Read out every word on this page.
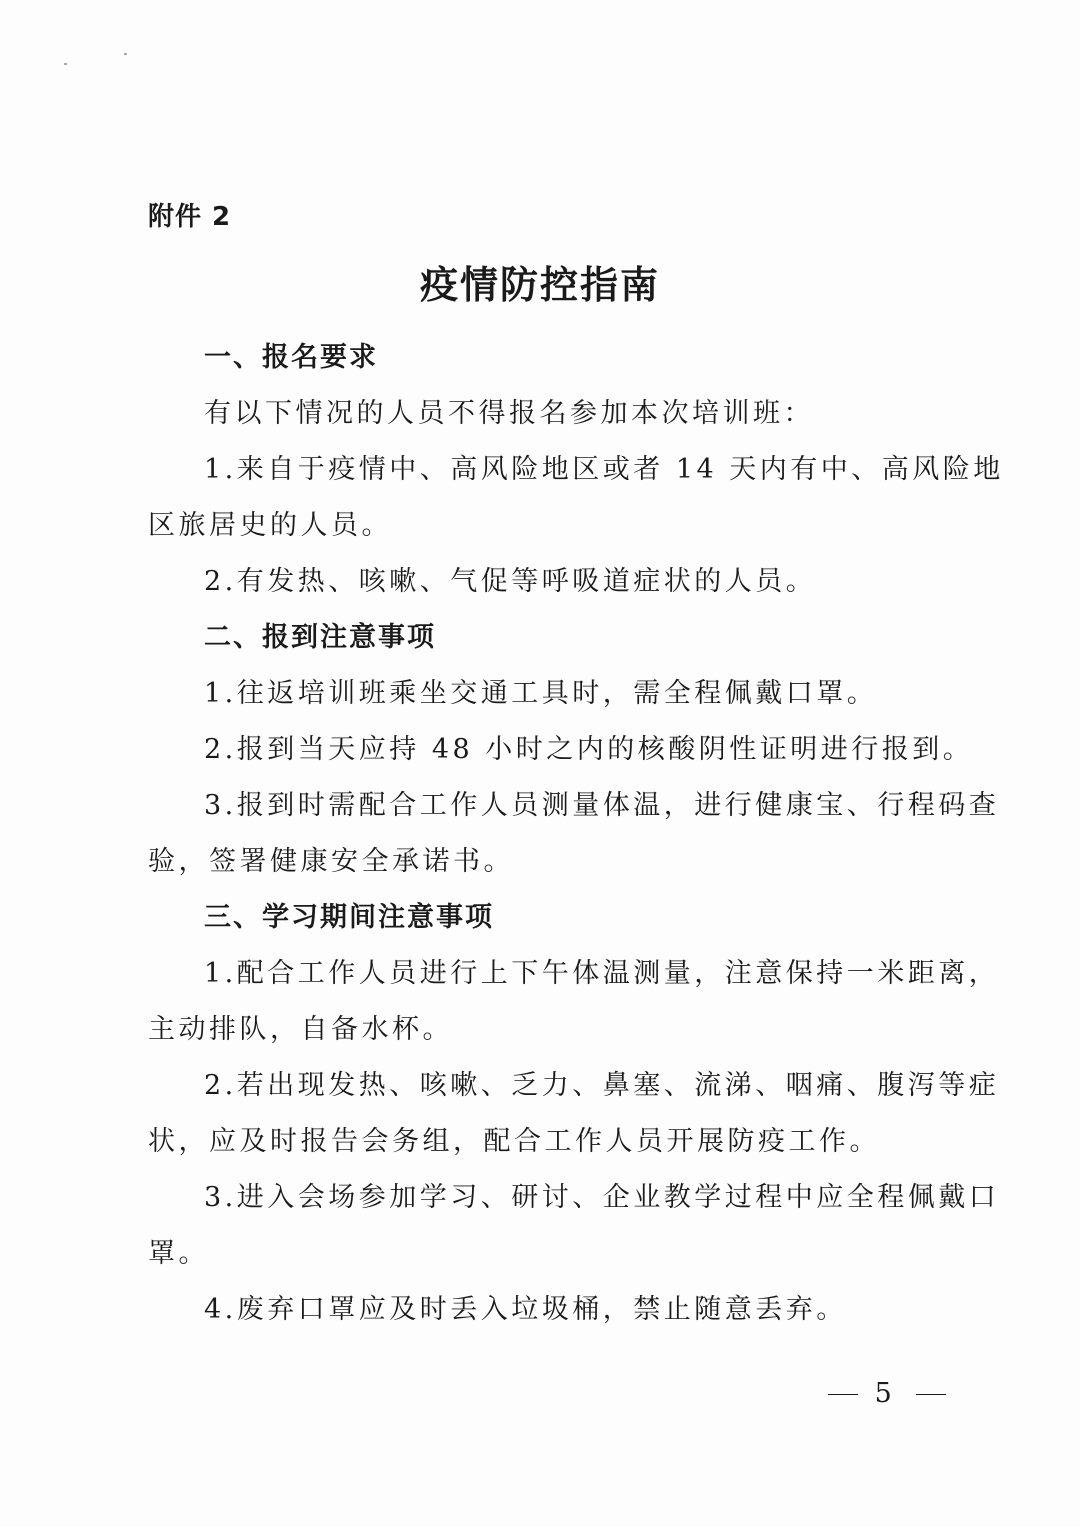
附件 2
疫情防控指南
一、报名要求
有以下情况的人员不得报名参加本次培训班：
1.来自于疫情中、高风险地区或者 14 天内有中、高风险地
区旅居史的人员。
2.有发热、咳嗽、气促等呼吸道症状的人员。
二、报到注意事项
1.往返培训班乘坐交通工具时，需全程佩戴口罩。
2.报到当天应持 48 小时之内的核酸阴性证明进行报到。
3.报到时需配合工作人员测量体温，进行健康宝、行程码查
验，签署健康安全承诺书。
三、学习期间注意事项
1.配合工作人员进行上下午体温测量，注意保持一米距离，
主动排队，自备水杯。
2.若出现发热、咳嗽、乏力、鼻塞、流涕、咽痛、腹泻等症
状，应及时报告会务组，配合工作人员开展防疫工作。
3.进入会场参加学习、研讨、企业教学过程中应全程佩戴口
罩。
4.废弃口罩应及时丢入垃圾桶，禁止随意丢弃。
5
